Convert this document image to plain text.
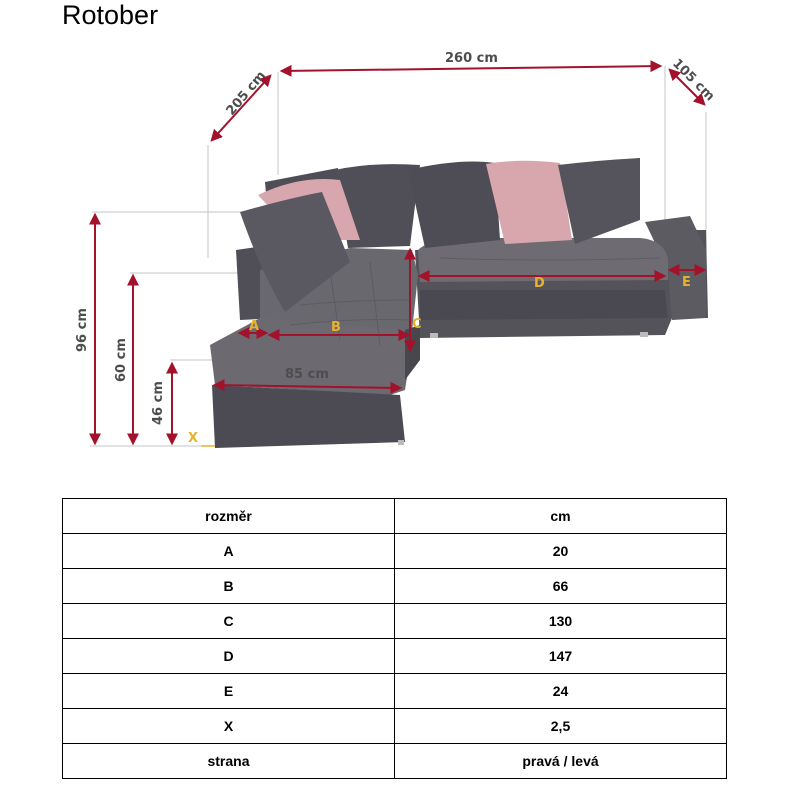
Rotober
260 cm
205 cm	105 cm
96 cm
60 cm
46 cm
85 cm
A	B	C
D	E
X
rozměr	cm
A	20
B	66
C	130
D	147
E	24
X	2,5
strana	pravá / levá
